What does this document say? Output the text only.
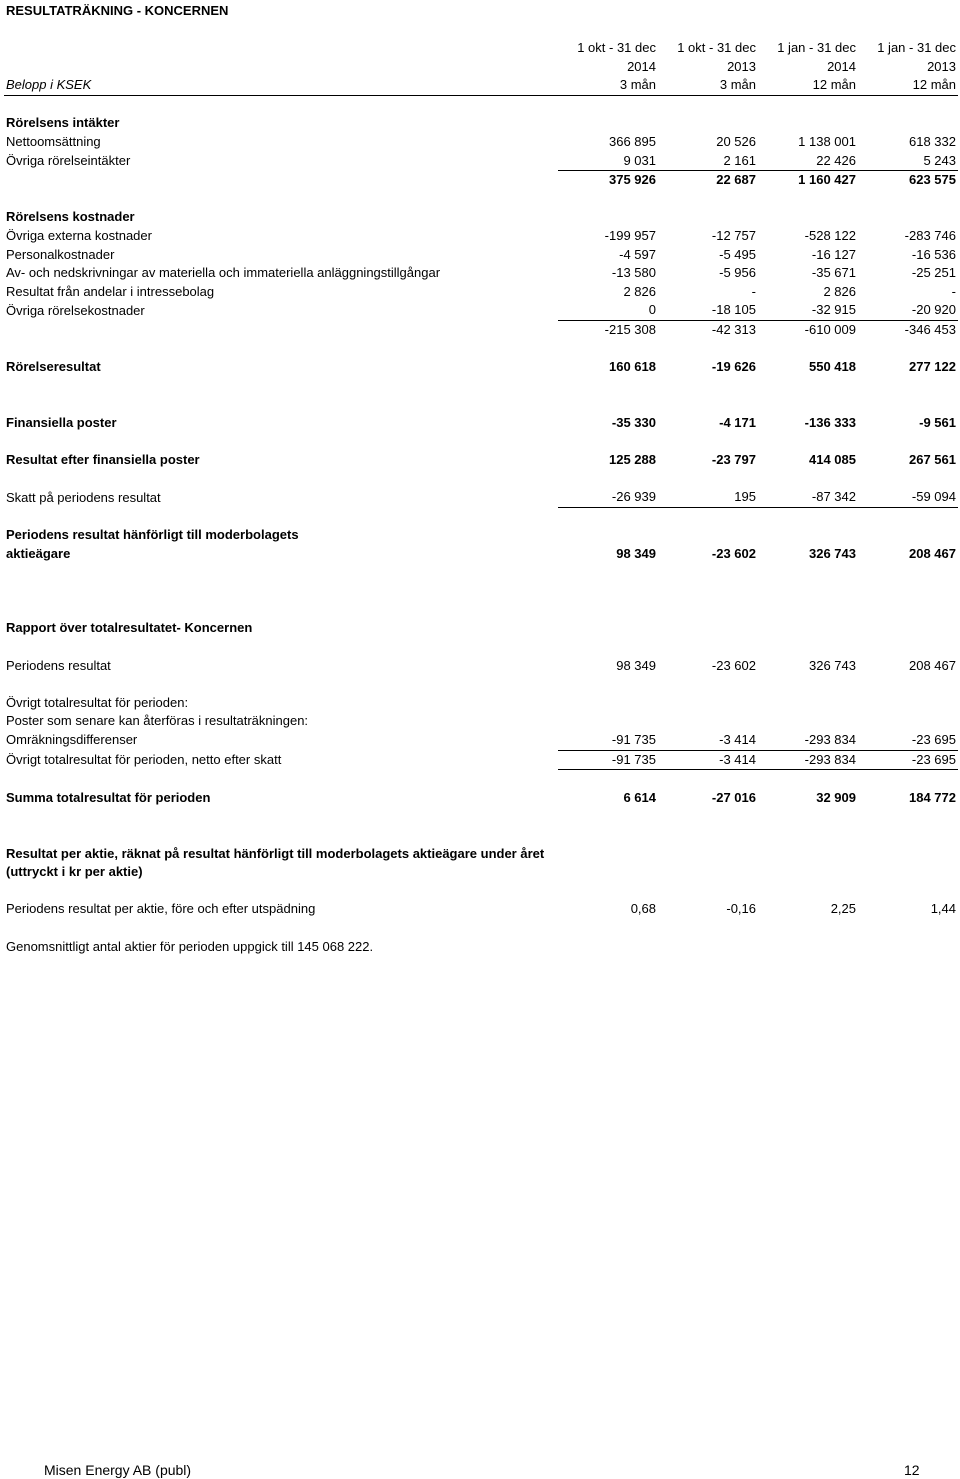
RESULTATRÄKNING - KONCERNEN
	1 okt - 31 dec	1 okt - 31 dec	1 jan - 31 dec	1 jan - 31 dec
	2014	2013	2014	2013
Belopp i KSEK	3 mån	3 mån	12 mån	12 mån

Rörelsens intäkter				
Nettoomsättning	366 895	20 526	1 138 001	618 332
Övriga rörelseintäkter	9 031	2 161	22 426	5 243
	375 926	22 687	1 160 427	623 575

Rörelsens kostnader				
Övriga externa kostnader	-199 957	-12 757	-528 122	-283 746
Personalkostnader	-4 597	-5 495	-16 127	-16 536
Av- och nedskrivningar av materiella och immateriella anläggningstillgångar	-13 580	-5 956	-35 671	-25 251
Resultat från andelar i intressebolag	2 826	-	2 826	-
Övriga rörelsekostnader	0	-18 105	-32 915	-20 920
	-215 308	-42 313	-610 009	-346 453

Rörelseresultat	160 618	-19 626	550 418	277 122

Finansiella poster	-35 330	-4 171	-136 333	-9 561

Resultat efter finansiella poster	125 288	-23 797	414 085	267 561

Skatt på periodens resultat	-26 939	195	-87 342	-59 094

Periodens resultat hänförligt till moderbolagets				
aktieägare	98 349	-23 602	326 743	208 467

Rapport över totalresultatet- Koncernen				

Periodens resultat	98 349	-23 602	326 743	208 467

Övrigt totalresultat för perioden:				
Poster som senare kan återföras i resultaträkningen:				
Omräkningsdifferenser	-91 735	-3 414	-293 834	-23 695
Övrigt totalresultat för perioden, netto efter skatt	-91 735	-3 414	-293 834	-23 695

Summa totalresultat för perioden	6 614	-27 016	32 909	184 772

Resultat per aktie, räknat på resultat hänförligt till moderbolagets aktieägare under året				
(uttryckt i kr per aktie)				

Periodens resultat per aktie, före och efter utspädning	0,68	-0,16	2,25	1,44

Genomsnittligt antal aktier för perioden uppgick till 145 068 222.				
Misen Energy AB (publ)	12
